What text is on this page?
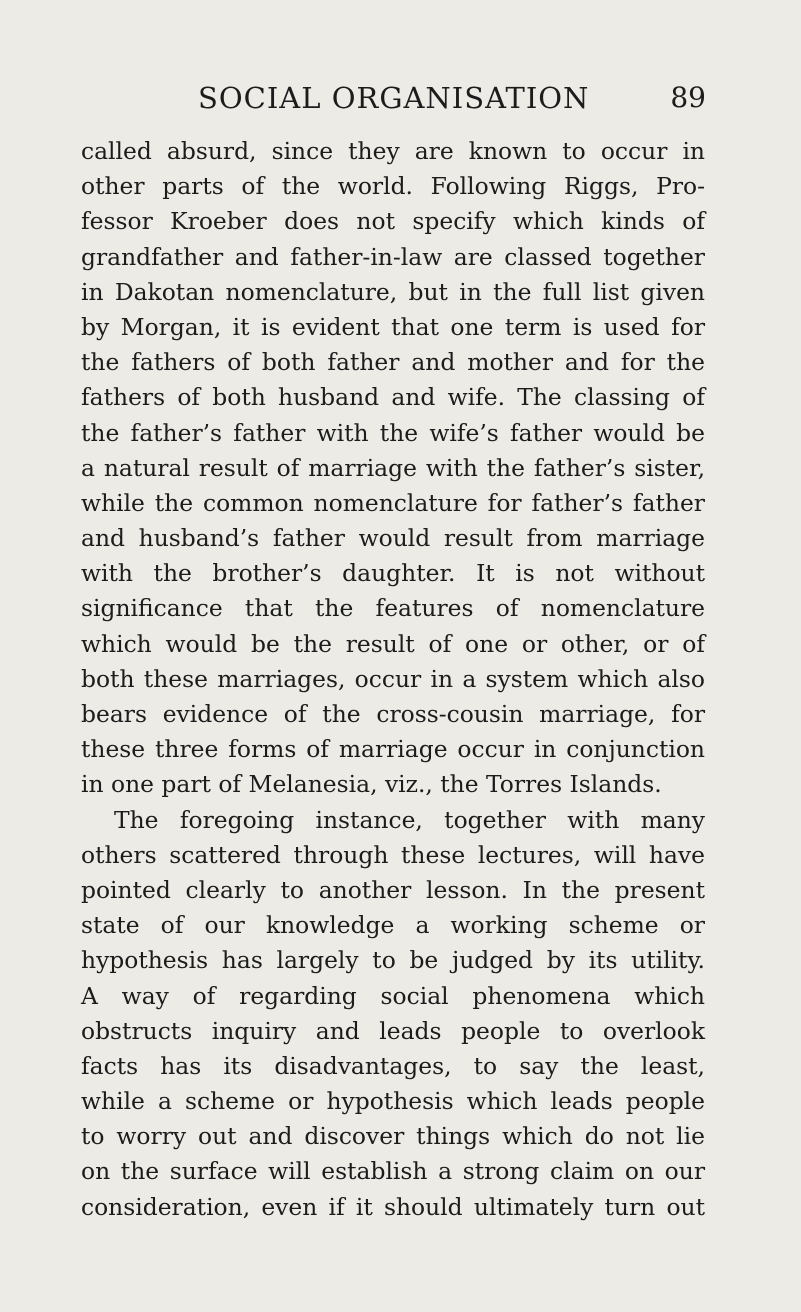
SOCIAL ORGANISATION	89
called absurd, since they are known to occur in
other parts of the world. Following Riggs, Pro-
fessor Kroeber does not specify which kinds of
grandfather and father-in-law are classed together
in Dakotan nomenclature, but in the full list given
by Morgan, it is evident that one term is used for
the fathers of both father and mother and for the
fathers of both husband and wife. The classing of
the father’s father with the wife’s father would be
a natural result of marriage with the father’s sister,
while the common nomenclature for father’s father
and husband’s father would result from marriage
with the brother’s daughter. It is not without
significance that the features of nomenclature
which would be the result of one or other, or of
both these marriages, occur in a system which also
bears evidence of the cross-cousin marriage, for
these three forms of marriage occur in conjunction
in one part of Melanesia, viz., the Torres Islands.
The foregoing instance, together with many
others scattered through these lectures, will have
pointed clearly to another lesson. In the present
state of our knowledge a working scheme or
hypothesis has largely to be judged by its utility.
A way of regarding social phenomena which
obstructs inquiry and leads people to overlook
facts has its disadvantages, to say the least,
while a scheme or hypothesis which leads people
to worry out and discover things which do not lie
on the surface will establish a strong claim on our
consideration, even if it should ultimately turn out
